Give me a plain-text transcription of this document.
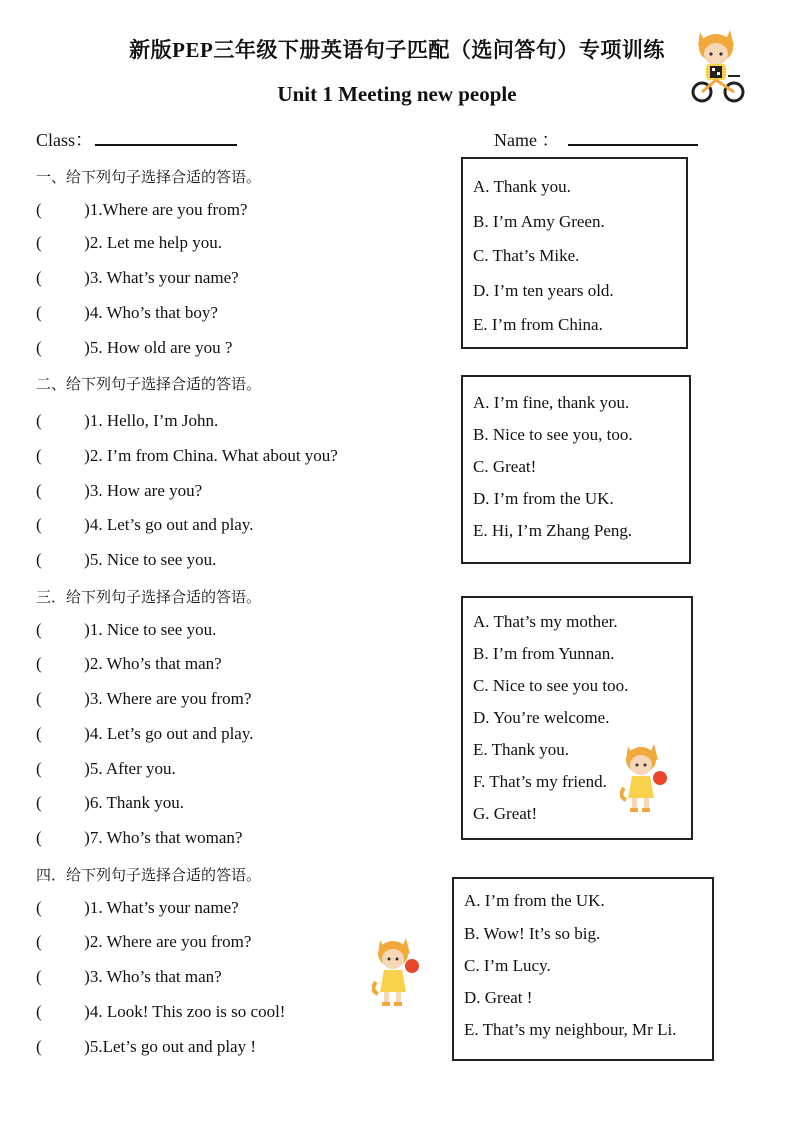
新版PEP三年级下册英语句子匹配（选问答句）专项训练
Unit 1 Meeting new people
Class：	Name ：
一、给下列句子选择合适的答语。
(          )1.Where are you from?
(          )2. Let me help you.
(          )3. What’s your name?
(          )4. Who’s that boy?
(          )5. How old are you ?
A. Thank you.
B. I’m Amy Green.
C. That’s Mike.
D. I’m ten years old.
E. I’m from China.
二、给下列句子选择合适的答语。
(          )1. Hello, I’m John.
(          )2. I’m from China. What about you?
(          )3. How are you?
(          )4. Let’s go out and play.
(          )5. Nice to see you.
A. I’m fine, thank you.
B. Nice to see you, too.
C. Great!
D. I’m from the UK.
E. Hi, I’m Zhang Peng.
三．给下列句子选择合适的答语。
(          )1. Nice to see you.
(          )2. Who’s that man?
(          )3. Where are you from?
(          )4. Let’s go out and play.
(          )5. After you.
(          )6. Thank you.
(          )7. Who’s that woman?
A. That’s my mother.
B. I’m from Yunnan.
C. Nice to see you too.
D. You’re welcome.
E. Thank you.
F. That’s my friend.
G. Great!
四．给下列句子选择合适的答语。
(          )1. What’s your name?
(          )2. Where are you from?
(          )3. Who’s that man?
(          )4. Look! This zoo is so cool!
(          )5.Let’s go out and play !
A. I’m from the UK.
B. Wow! It’s so big.
C. I’m Lucy.
D. Great !
E. That’s my neighbour, Mr Li.
